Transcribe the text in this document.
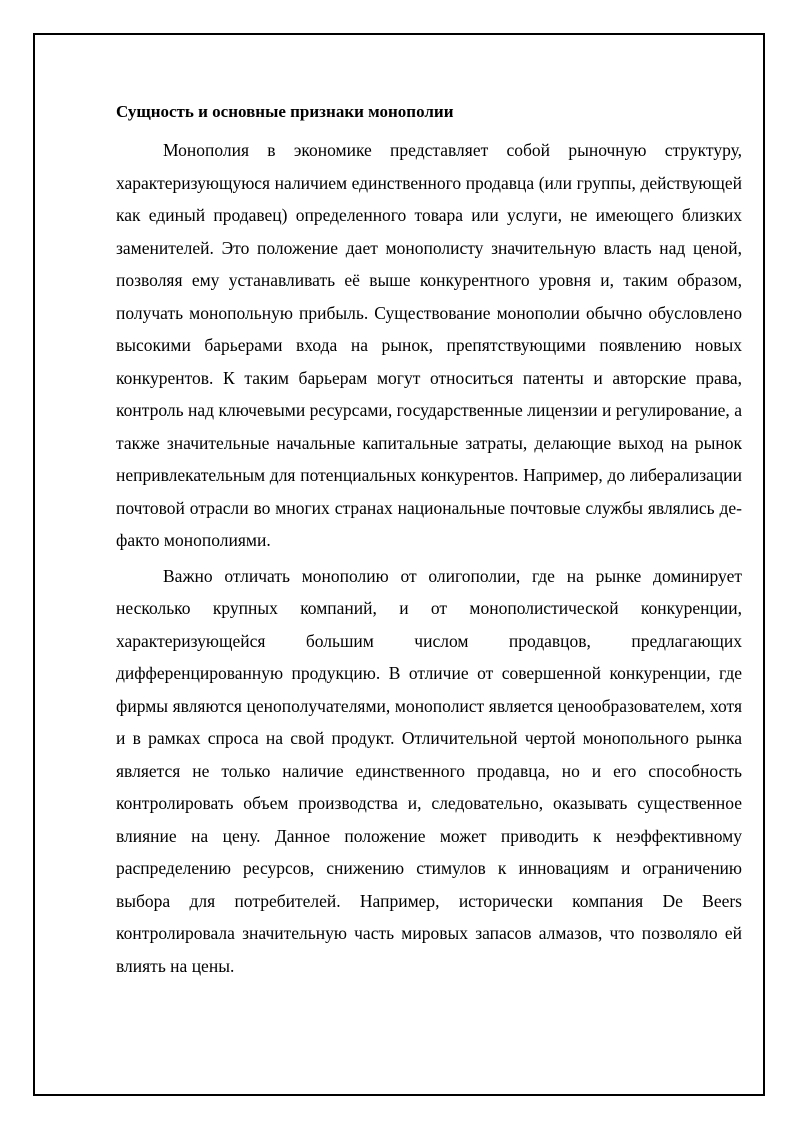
Сущность и основные признаки монополии

Монополия в экономике представляет собой рыночную структуру, характеризующуюся наличием единственного продавца (или группы, действующей как единый продавец) определенного товара или услуги, не имеющего близких заменителей. Это положение дает монополисту значительную власть над ценой, позволяя ему устанавливать её выше конкурентного уровня и, таким образом, получать монопольную прибыль. Существование монополии обычно обусловлено высокими барьерами входа на рынок, препятствующими появлению новых конкурентов. К таким барьерам могут относиться патенты и авторские права, контроль над ключевыми ресурсами, государственные лицензии и регулирование, а также значительные начальные капитальные затраты, делающие выход на рынок непривлекательным для потенциальных конкурентов. Например, до либерализации почтовой отрасли во многих странах национальные почтовые службы являлись де-факто монополиями.

Важно отличать монополию от олигополии, где на рынке доминирует несколько крупных компаний, и от монополистической конкуренции, характеризующейся большим числом продавцов, предлагающих дифференцированную продукцию. В отличие от совершенной конкуренции, где фирмы являются ценополучателями, монополист является ценообразователем, хотя и в рамках спроса на свой продукт. Отличительной чертой монопольного рынка является не только наличие единственного продавца, но и его способность контролировать объем производства и, следовательно, оказывать существенное влияние на цену. Данное положение может приводить к неэффективному распределению ресурсов, снижению стимулов к инновациям и ограничению выбора для потребителей. Например, исторически компания De Beers контролировала значительную часть мировых запасов алмазов, что позволяло ей влиять на цены.
